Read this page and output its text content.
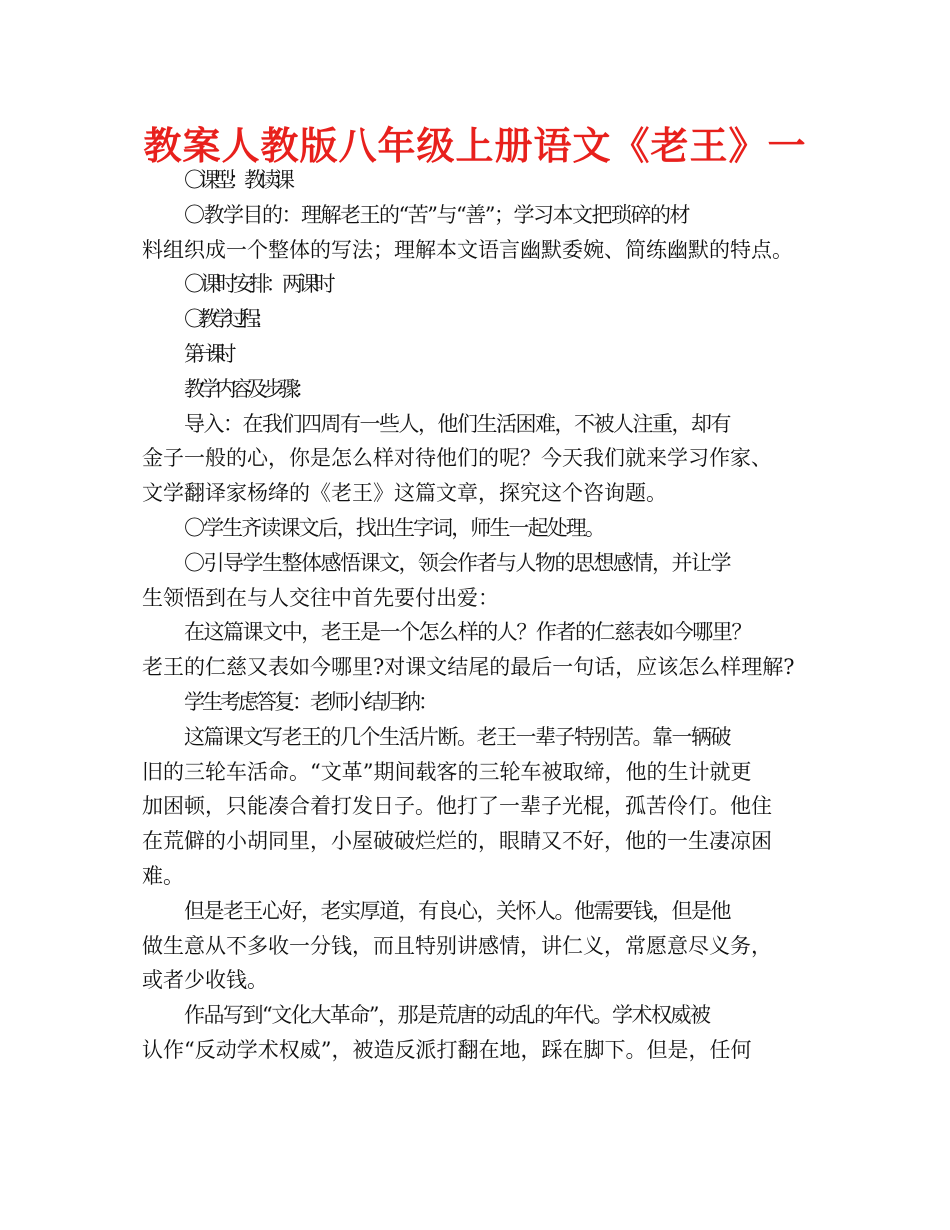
教案人教版八年级上册语文《老王》一

〇课型：教读课

〇教学目的：理解老王的“苦”与“善”；学习本文把琐碎的材
料组织成一个整体的写法；理解本文语言幽默委婉、简练幽默的特点。

〇课时安排：两课时

〇教学过程：

第一课时

教学内容及步骤：

导入：在我们四周有一些人，他们生活困难，不被人注重，却有
金子一般的心，你是怎么样对待他们的呢？今天我们就来学习作家、
文学翻译家杨绛的《老王》这篇文章，探究这个咨询题。

〇学生齐读课文后，找出生字词，师生一起处理。

〇引导学生整体感悟课文，领会作者与人物的思想感情，并让学
生领悟到在与人交往中首先要付出爱：

在这篇课文中，老王是一个怎么样的人？作者的仁慈表如今哪里？
老王的仁慈又表如今哪里?对课文结尾的最后一句话，应该怎么样理解?

学生考虑答复：老师小结归纳：

这篇课文写老王的几个生活片断。老王一辈子特别苦。靠一辆破
旧的三轮车活命。“文革”期间载客的三轮车被取缔，他的生计就更
加困顿，只能凑合着打发日子。他打了一辈子光棍，孤苦伶仃。他住
在荒僻的小胡同里，小屋破破烂烂的，眼睛又不好，他的一生凄凉困
难。

但是老王心好，老实厚道，有良心，关怀人。他需要钱，但是他
做生意从不多收一分钱，而且特别讲感情，讲仁义，常愿意尽义务，
或者少收钱。

作品写到“文化大革命”，那是荒唐的动乱的年代。学术权威被
认作“反动学术权威”，被造反派打翻在地，踩在脚下。但是，任何
